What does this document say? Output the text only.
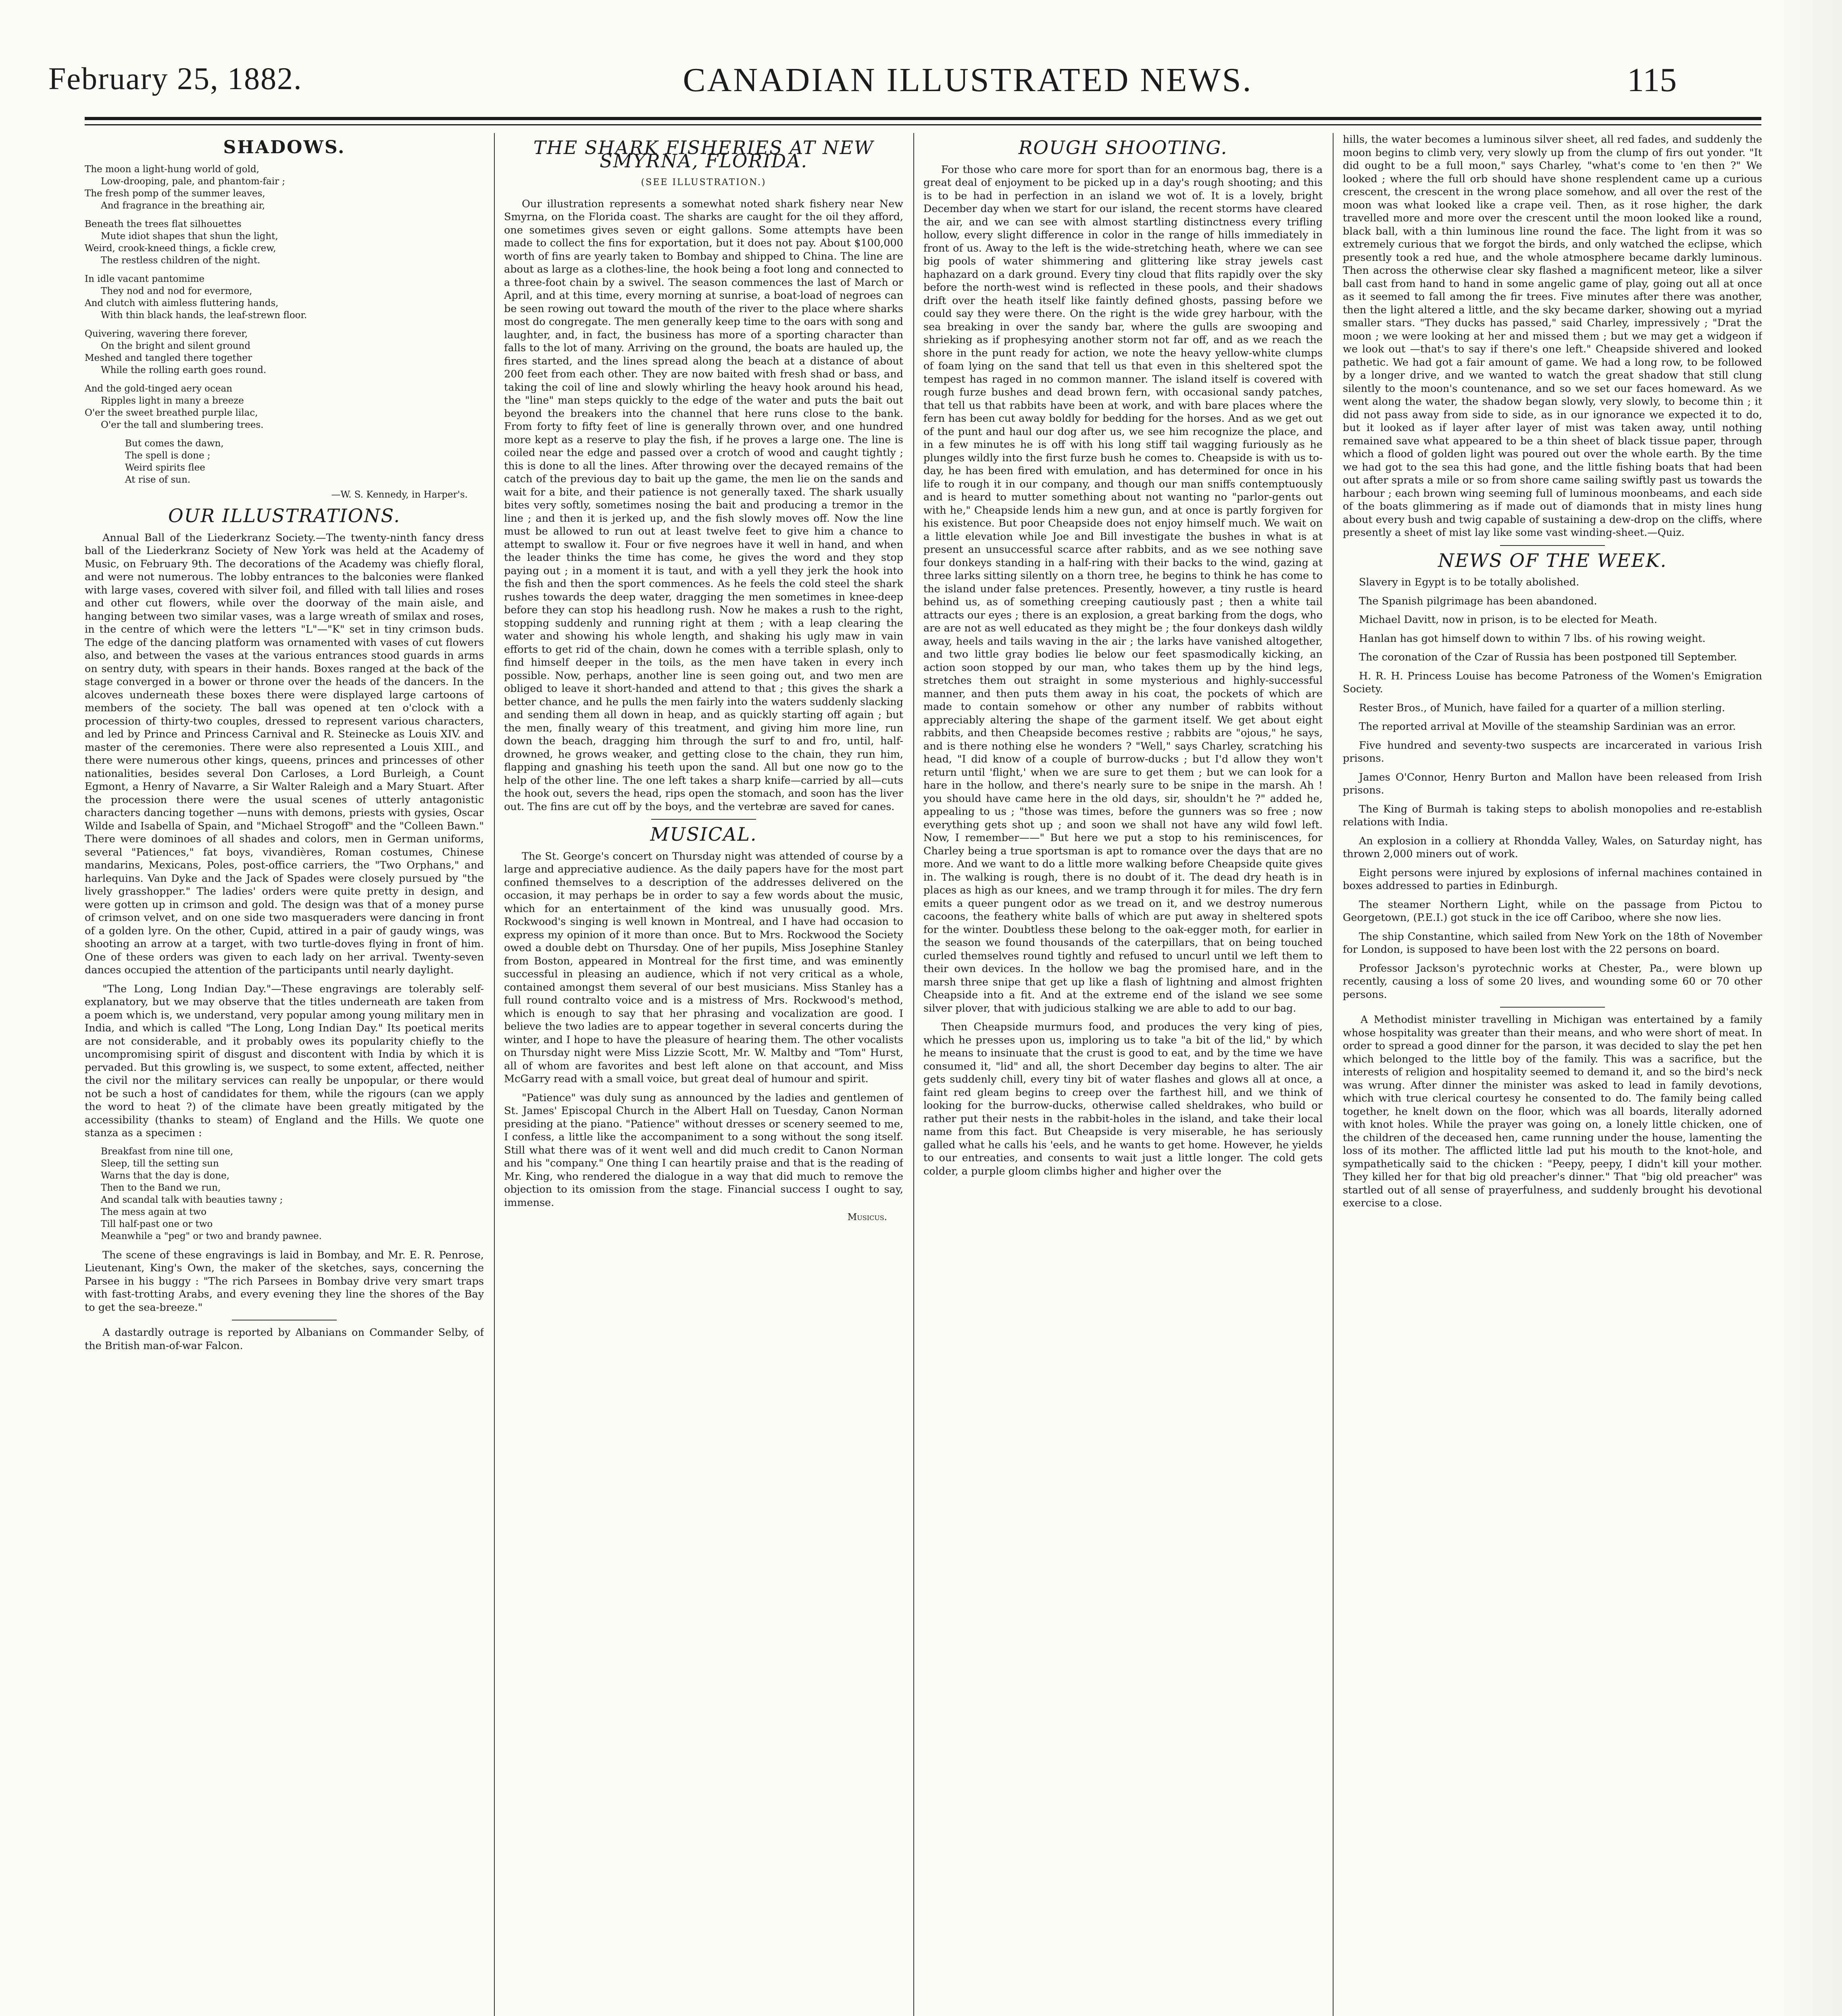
February 25, 1882.	CANADIAN ILLUSTRATED NEWS.	115
SHADOWS.
The moon a light-hung world of gold,
Low-drooping, pale, and phantom-fair ;
The fresh pomp of the summer leaves,
And fragrance in the breathing air,
Beneath the trees flat silhouettes
Mute idiot shapes that shun the light,
Weird, crook-kneed things, a fickle crew,
The restless children of the night.
In idle vacant pantomime
They nod and nod for evermore,
And clutch with aimless fluttering hands,
With thin black hands, the leaf-strewn floor.
Quivering, wavering there forever,
On the bright and silent ground
Meshed and tangled there together
While the rolling earth goes round.
And the gold-tinged aery ocean
Ripples light in many a breeze
O'er the sweet breathed purple lilac,
O'er the tall and slumbering trees.
But comes the dawn,
The spell is done ;
Weird spirits flee
At rise of sun.
—W. S. Kennedy, in Harper's.
OUR ILLUSTRATIONS.

Annual Ball of the Liederkranz Society.—The twenty-ninth fancy dress ball of the Liederkranz Society of New York was held at the Academy of Music, on February 9th. The decorations of the Academy was chiefly floral, and were not numerous. The lobby entrances to the balconies were flanked with large vases, covered with silver foil, and filled with tall lilies and roses and other cut flowers, while over the doorway of the main aisle, and hanging between two similar vases, was a large wreath of smilax and roses, in the centre of which were the letters "L"—"K" set in tiny crimson buds. The edge of the dancing platform was ornamented with vases of cut flowers also, and between the vases at the various entrances stood guards in arms on sentry duty, with spears in their hands. Boxes ranged at the back of the stage converged in a bower or throne over the heads of the dancers. In the alcoves underneath these boxes there were displayed large cartoons of members of the society. The ball was opened at ten o'clock with a procession of thirty-two couples, dressed to represent various characters, and led by Prince and Princess Carnival and R. Steinecke as Louis XIV. and master of the ceremonies. There were also represented a Louis XIII., and there were numerous other kings, queens, princes and princesses of other nationalities, besides several Don Carloses, a Lord Burleigh, a Count Egmont, a Henry of Navarre, a Sir Walter Raleigh and a Mary Stuart. After the procession there were the usual scenes of utterly antagonistic characters dancing together —nuns with demons, priests with gysies, Oscar Wilde and Isabella of Spain, and "Michael Strogoff" and the "Colleen Bawn." There were dominoes of all shades and colors, men in German uniforms, several "Patiences," fat boys, vivandières, Roman costumes, Chinese mandarins, Mexicans, Poles, post-office carriers, the "Two Orphans," and harlequins. Van Dyke and the Jack of Spades were closely pursued by "the lively grasshopper." The ladies' orders were quite pretty in design, and were gotten up in crimson and gold. The design was that of a money purse of crimson velvet, and on one side two masqueraders were dancing in front of a golden lyre. On the other, Cupid, attired in a pair of gaudy wings, was shooting an arrow at a target, with two turtle-doves flying in front of him. One of these orders was given to each lady on her arrival. Twenty-seven dances occupied the attention of the participants until nearly daylight.

"The Long, Long Indian Day."—These engravings are tolerably self-explanatory, but we may observe that the titles underneath are taken from a poem which is, we understand, very popular among young military men in India, and which is called "The Long, Long Indian Day." Its poetical merits are not considerable, and it probably owes its popularity chiefly to the uncompromising spirit of disgust and discontent with India by which it is pervaded. But this growling is, we suspect, to some extent, affected, neither the civil nor the military services can really be unpopular, or there would not be such a host of candidates for them, while the rigours (can we apply the word to heat ?) of the climate have been greatly mitigated by the accessibility (thanks to steam) of England and the Hills. We quote one stanza as a specimen :

Breakfast from nine till one,
Sleep, till the setting sun
Warns that the day is done,
Then to the Band we run,
And scandal talk with beauties tawny ;
The mess again at two
Till half-past one or two
Meanwhile a "peg" or two and brandy pawnee.

The scene of these engravings is laid in Bombay, and Mr. E. R. Penrose, Lieutenant, King's Own, the maker of the sketches, says, concerning the Parsee in his buggy : "The rich Parsees in Bombay drive very smart traps with fast-trotting Arabs, and every evening they line the shores of the Bay to get the sea-breeze."

A dastardly outrage is reported by Albanians on Commander Selby, of the British man-of-war Falcon.

THE SHARK FISHERIES AT NEW SMYRNA, FLORIDA.
(SEE ILLUSTRATION.)

Our illustration represents a somewhat noted shark fishery near New Smyrna, on the Florida coast. The sharks are caught for the oil they afford, one sometimes gives seven or eight gallons. Some attempts have been made to collect the fins for exportation, but it does not pay. About $100,000 worth of fins are yearly taken to Bombay and shipped to China. The line are about as large as a clothes-line, the hook being a foot long and connected to a three-foot chain by a swivel. The season commences the last of March or April, and at this time, every morning at sunrise, a boat-load of negroes can be seen rowing out toward the mouth of the river to the place where sharks most do congregate. The men generally keep time to the oars with song and laughter, and, in fact, the business has more of a sporting character than falls to the lot of many. Arriving on the ground, the boats are hauled up, the fires started, and the lines spread along the beach at a distance of about 200 feet from each other. They are now baited with fresh shad or bass, and taking the coil of line and slowly whirling the heavy hook around his head, the "line" man steps quickly to the edge of the water and puts the bait out beyond the breakers into the channel that here runs close to the bank. From forty to fifty feet of line is generally thrown over, and one hundred more kept as a reserve to play the fish, if he proves a large one. The line is coiled near the edge and passed over a crotch of wood and caught tightly ; this is done to all the lines. After throwing over the decayed remains of the catch of the previous day to bait up the game, the men lie on the sands and wait for a bite, and their patience is not generally taxed. The shark usually bites very softly, sometimes nosing the bait and producing a tremor in the line ; and then it is jerked up, and the fish slowly moves off. Now the line must be allowed to run out at least twelve feet to give him a chance to attempt to swallow it. Four or five negroes have it well in hand, and when the leader thinks the time has come, he gives the word and they stop paying out ; in a moment it is taut, and with a yell they jerk the hook into the fish and then the sport commences. As he feels the cold steel the shark rushes towards the deep water, dragging the men sometimes in knee-deep before they can stop his headlong rush. Now he makes a rush to the right, stopping suddenly and running right at them ; with a leap clearing the water and showing his whole length, and shaking his ugly maw in vain efforts to get rid of the chain, down he comes with a terrible splash, only to find himself deeper in the toils, as the men have taken in every inch possible. Now, perhaps, another line is seen going out, and two men are obliged to leave it short-handed and attend to that ; this gives the shark a better chance, and he pulls the men fairly into the waters suddenly slacking and sending them all down in heap, and as quickly starting off again ; but the men, finally weary of this treatment, and giving him more line, run down the beach, dragging him through the surf to and fro, until, half-drowned, he grows weaker, and getting close to the chain, they run him, flapping and gnashing his teeth upon the sand. All but one now go to the help of the other line. The one left takes a sharp knife—carried by all—cuts the hook out, severs the head, rips open the stomach, and soon has the liver out. The fins are cut off by the boys, and the vertebræ are saved for canes.

MUSICAL.

The St. George's concert on Thursday night was attended of course by a large and appreciative audience. As the daily papers have for the most part confined themselves to a description of the addresses delivered on the occasion, it may perhaps be in order to say a few words about the music, which for an entertainment of the kind was unusually good. Mrs. Rockwood's singing is well known in Montreal, and I have had occasion to express my opinion of it more than once. But to Mrs. Rockwood the Society owed a double debt on Thursday. One of her pupils, Miss Josephine Stanley from Boston, appeared in Montreal for the first time, and was eminently successful in pleasing an audience, which if not very critical as a whole, contained amongst them several of our best musicians. Miss Stanley has a full round contralto voice and is a mistress of Mrs. Rockwood's method, which is enough to say that her phrasing and vocalization are good. I believe the two ladies are to appear together in several concerts during the winter, and I hope to have the pleasure of hearing them. The other vocalists on Thursday night were Miss Lizzie Scott, Mr. W. Maltby and "Tom" Hurst, all of whom are favorites and best left alone on that account, and Miss McGarry read with a small voice, but great deal of humour and spirit.

"Patience" was duly sung as announced by the ladies and gentlemen of St. James' Episcopal Church in the Albert Hall on Tuesday, Canon Norman presiding at the piano. "Patience" without dresses or scenery seemed to me, I confess, a little like the accompaniment to a song without the song itself. Still what there was of it went well and did much credit to Canon Norman and his "company." One thing I can heartily praise and that is the reading of Mr. King, who rendered the dialogue in a way that did much to remove the objection to its omission from the stage. Financial success I ought to say, immense.

Musicus.
ROUGH SHOOTING.

For those who care more for sport than for an enormous bag, there is a great deal of enjoyment to be picked up in a day's rough shooting; and this is to be had in perfection in an island we wot of. It is a lovely, bright December day when we start for our island, the recent storms have cleared the air, and we can see with almost startling distinctness every trifling hollow, every slight difference in color in the range of hills immediately in front of us. Away to the left is the wide-stretching heath, where we can see big pools of water shimmering and glittering like stray jewels cast haphazard on a dark ground. Every tiny cloud that flits rapidly over the sky before the north-west wind is reflected in these pools, and their shadows drift over the heath itself like faintly defined ghosts, passing before we could say they were there. On the right is the wide grey harbour, with the sea breaking in over the sandy bar, where the gulls are swooping and shrieking as if prophesying another storm not far off, and as we reach the shore in the punt ready for action, we note the heavy yellow-white clumps of foam lying on the sand that tell us that even in this sheltered spot the tempest has raged in no common manner. The island itself is covered with rough furze bushes and dead brown fern, with occasional sandy patches, that tell us that rabbits have been at work, and with bare places where the fern has been cut away boldly for bedding for the horses. And as we get out of the punt and haul our dog after us, we see him recognize the place, and in a few minutes he is off with his long stiff tail wagging furiously as he plunges wildly into the first furze bush he comes to. Cheapside is with us to-day, he has been fired with emulation, and has determined for once in his life to rough it in our company, and though our man sniffs contemptuously and is heard to mutter something about not wanting no "parlor-gents out with he," Cheapside lends him a new gun, and at once is partly forgiven for his existence. But poor Cheapside does not enjoy himself much. We wait on a little elevation while Joe and Bill investigate the bushes in what is at present an unsuccessful scarce after rabbits, and as we see nothing save four donkeys standing in a half-ring with their backs to the wind, gazing at three larks sitting silently on a thorn tree, he begins to think he has come to the island under false pretences. Presently, however, a tiny rustle is heard behind us, as of something creeping cautiously past ; then a white tail attracts our eyes ; there is an explosion, a great barking from the dogs, who are are not as well educated as they might be ; the four donkeys dash wildly away, heels and tails waving in the air ; the larks have vanished altogether, and two little gray bodies lie below our feet spasmodically kicking, an action soon stopped by our man, who takes them up by the hind legs, stretches them out straight in some mysterious and highly-successful manner, and then puts them away in his coat, the pockets of which are made to contain somehow or other any number of rabbits without appreciably altering the shape of the garment itself. We get about eight rabbits, and then Cheapside becomes restive ; rabbits are "ojous," he says, and is there nothing else he wonders ? "Well," says Charley, scratching his head, "I did know of a couple of burrow-ducks ; but I'd allow they won't return until 'flight,' when we are sure to get them ; but we can look for a hare in the hollow, and there's nearly sure to be snipe in the marsh. Ah ! you should have came here in the old days, sir, shouldn't he ?" added he, appealing to us ; "those was times, before the gunners was so free ; now everything gets shot up ; and soon we shall not have any wild fowl left. Now, I remember——" But here we put a stop to his reminiscences, for Charley being a true sportsman is apt to romance over the days that are no more. And we want to do a little more walking before Cheapside quite gives in. The walking is rough, there is no doubt of it. The dead dry heath is in places as high as our knees, and we tramp through it for miles. The dry fern emits a queer pungent odor as we tread on it, and we destroy numerous cacoons, the feathery white balls of which are put away in sheltered spots for the winter. Doubtless these belong to the oak-egger moth, for earlier in the season we found thousands of the caterpillars, that on being touched curled themselves round tightly and refused to uncurl until we left them to their own devices. In the hollow we bag the promised hare, and in the marsh three snipe that get up like a flash of lightning and almost frighten Cheapside into a fit. And at the extreme end of the island we see some silver plover, that with judicious stalking we are able to add to our bag.

Then Cheapside murmurs food, and produces the very king of pies, which he presses upon us, imploring us to take "a bit of the lid," by which he means to insinuate that the crust is good to eat, and by the time we have consumed it, "lid" and all, the short December day begins to alter. The air gets suddenly chill, every tiny bit of water flashes and glows all at once, a faint red gleam begins to creep over the farthest hill, and we think of looking for the burrow-ducks, otherwise called sheldrakes, who build or rather put their nests in the rabbit-holes in the island, and take their local name from this fact. But Cheapside is very miserable, he has seriously galled what he calls his 'eels, and he wants to get home. However, he yields to our entreaties, and consents to wait just a little longer. The cold gets colder, a purple gloom climbs higher and higher over the

hills, the water becomes a luminous silver sheet, all red fades, and suddenly the moon begins to climb very, very slowly up from the clump of firs out yonder. "It did ought to be a full moon," says Charley, "what's come to 'en then ?" We looked ; where the full orb should have shone resplendent came up a curious crescent, the crescent in the wrong place somehow, and all over the rest of the moon was what looked like a crape veil. Then, as it rose higher, the dark travelled more and more over the crescent until the moon looked like a round, black ball, with a thin luminous line round the face. The light from it was so extremely curious that we forgot the birds, and only watched the eclipse, which presently took a red hue, and the whole atmosphere became darkly luminous. Then across the otherwise clear sky flashed a magnificent meteor, like a silver ball cast from hand to hand in some angelic game of play, going out all at once as it seemed to fall among the fir trees. Five minutes after there was another, then the light altered a little, and the sky became darker, showing out a myriad smaller stars. "They ducks has passed," said Charley, impressively ; "Drat the moon ; we were looking at her and missed them ; but we may get a widgeon if we look out —that's to say if there's one left." Cheapside shivered and looked pathetic. We had got a fair amount of game. We had a long row, to be followed by a longer drive, and we wanted to watch the great shadow that still clung silently to the moon's countenance, and so we set our faces homeward. As we went along the water, the shadow began slowly, very slowly, to become thin ; it did not pass away from side to side, as in our ignorance we expected it to do, but it looked as if layer after layer of mist was taken away, until nothing remained save what appeared to be a thin sheet of black tissue paper, through which a flood of golden light was poured out over the whole earth. By the time we had got to the sea this had gone, and the little fishing boats that had been out after sprats a mile or so from shore came sailing swiftly past us towards the harbour ; each brown wing seeming full of luminous moonbeams, and each side of the boats glimmering as if made out of diamonds that in misty lines hung about every bush and twig capable of sustaining a dew-drop on the cliffs, where presently a sheet of mist lay like some vast winding-sheet.—Quiz.

NEWS OF THE WEEK.

Slavery in Egypt is to be totally abolished.

The Spanish pilgrimage has been abandoned.

Michael Davitt, now in prison, is to be elected for Meath.

Hanlan has got himself down to within 7 lbs. of his rowing weight.

The coronation of the Czar of Russia has been postponed till September.

H. R. H. Princess Louise has become Patroness of the Women's Emigration Society.

Rester Bros., of Munich, have failed for a quarter of a million sterling.

The reported arrival at Moville of the steamship Sardinian was an error.

Five hundred and seventy-two suspects are incarcerated in various Irish prisons.

James O'Connor, Henry Burton and Mallon have been released from Irish prisons.

The King of Burmah is taking steps to abolish monopolies and re-establish relations with India.

An explosion in a colliery at Rhondda Valley, Wales, on Saturday night, has thrown 2,000 miners out of work.

Eight persons were injured by explosions of infernal machines contained in boxes addressed to parties in Edinburgh.

The steamer Northern Light, while on the passage from Pictou to Georgetown, (P.E.I.) got stuck in the ice off Cariboo, where she now lies.

The ship Constantine, which sailed from New York on the 18th of November for London, is supposed to have been lost with the 22 persons on board.

Professor Jackson's pyrotechnic works at Chester, Pa., were blown up recently, causing a loss of some 20 lives, and wounding some 60 or 70 other persons.

A Methodist minister travelling in Michigan was entertained by a family whose hospitality was greater than their means, and who were short of meat. In order to spread a good dinner for the parson, it was decided to slay the pet hen which belonged to the little boy of the family. This was a sacrifice, but the interests of religion and hospitality seemed to demand it, and so the bird's neck was wrung. After dinner the minister was asked to lead in family devotions, which with true clerical courtesy he consented to do. The family being called together, he knelt down on the floor, which was all boards, literally adorned with knot holes. While the prayer was going on, a lonely little chicken, one of the children of the deceased hen, came running under the house, lamenting the loss of its mother. The afflicted little lad put his mouth to the knot-hole, and sympathetically said to the chicken : "Peepy, peepy, I didn't kill your mother. They killed her for that big old preacher's dinner." That "big old preacher" was startled out of all sense of prayerfulness, and suddenly brought his devotional exercise to a close.
